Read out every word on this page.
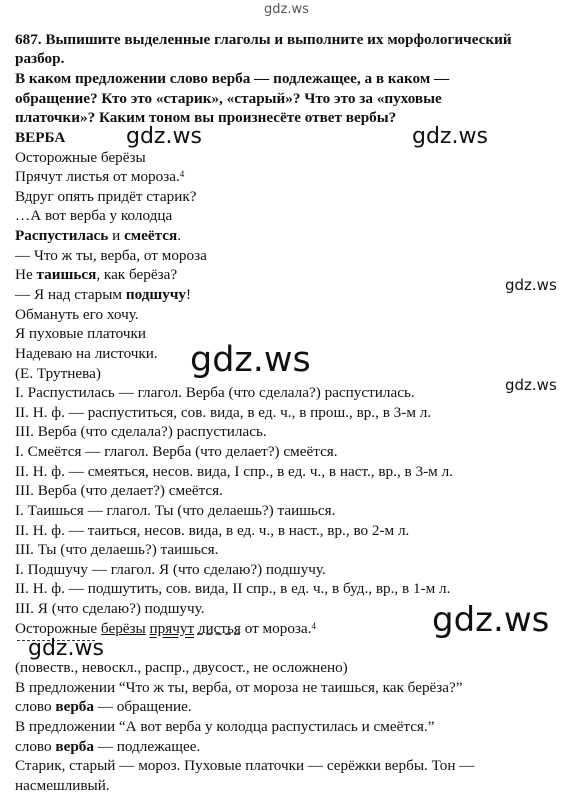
gdz.ws
gdz.ws	gdz.ws
gdz.ws
gdz.ws
gdz.ws
gdz.ws
687. Выпишите выделенные глаголы и выполните их морфологический
разбор.
В каком предложении слово верба — подлежащее, а в каком —
обращение? Кто это «старик», «старый»? Что это за «пуховые
платочки»? Каким тоном вы произнесёте ответ вербы?
ВЕРБА
Осторожные берёзы
Прячут листья от мороза.$^4$
Вдруг опять придёт старик?
…А вот верба у колодца
Распустилась и смеётся.
— Что ж ты, верба, от мороза
Не таишься, как берёза?
— Я над старым подшучу!
Обмануть его хочу.
Я пуховые платочки
Надеваю на листочки.
(Е. Трутнева)
I. Распустилась — глагол. Верба (что сделала?) распустилась.
II. Н. ф. — распуститься, сов. вида, в ед. ч., в прош., вр., в 3-м л.
III. Верба (что сделала?) распустилась.
I. Смеётся — глагол. Верба (что делает?) смеётся.
II. Н. ф. — смеяться, несов. вида, I спр., в ед. ч., в наст., вр., в 3-м л.
III. Верба (что делает?) смеётся.
I. Таишься — глагол. Ты (что делаешь?) таишься.
II. Н. ф. — таиться, несов. вида, в ед. ч., в наст., вр., во 2-м л.
III. Ты (что делаешь?) таишься.
I. Подшучу — глагол. Я (что сделаю?) подшучу.
II. Н. ф. — подшутить, сов. вида, II спр., в ед. ч., в буд., вр., в 1-м л.
III. Я (что сделаю?) подшучу.
Осторожные берёзы прячут листья от мороза.$^4$
(повеств., невоскл., распр., двусост., не осложнено)
В предложении “Что ж ты, верба, от мороза не таишься, как берёза?”
слово верба — обращение.
В предложении “А вот верба у колодца распустилась и смеётся.”
слово верба — подлежащее.
Старик, старый — мороз. Пуховые платочки — серёжки вербы. Тон —
насмешливый.
gdz.ws
